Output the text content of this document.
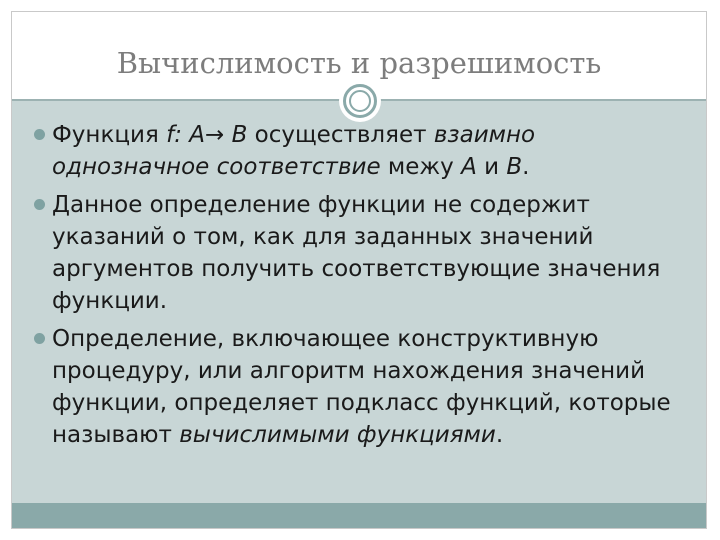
Вычислимость и разрешимость
Функция f: A→ B осуществляет взаимно однозначное соответствие межу A и B.
Данное определение функции не содержит указаний о том, как для заданных значений аргументов получить соответствующие значения функции.
Определение, включающее конструктивную процедуру, или алгоритм нахождения значений функции, определяет подкласс функций, которые называют вычислимыми функциями.
